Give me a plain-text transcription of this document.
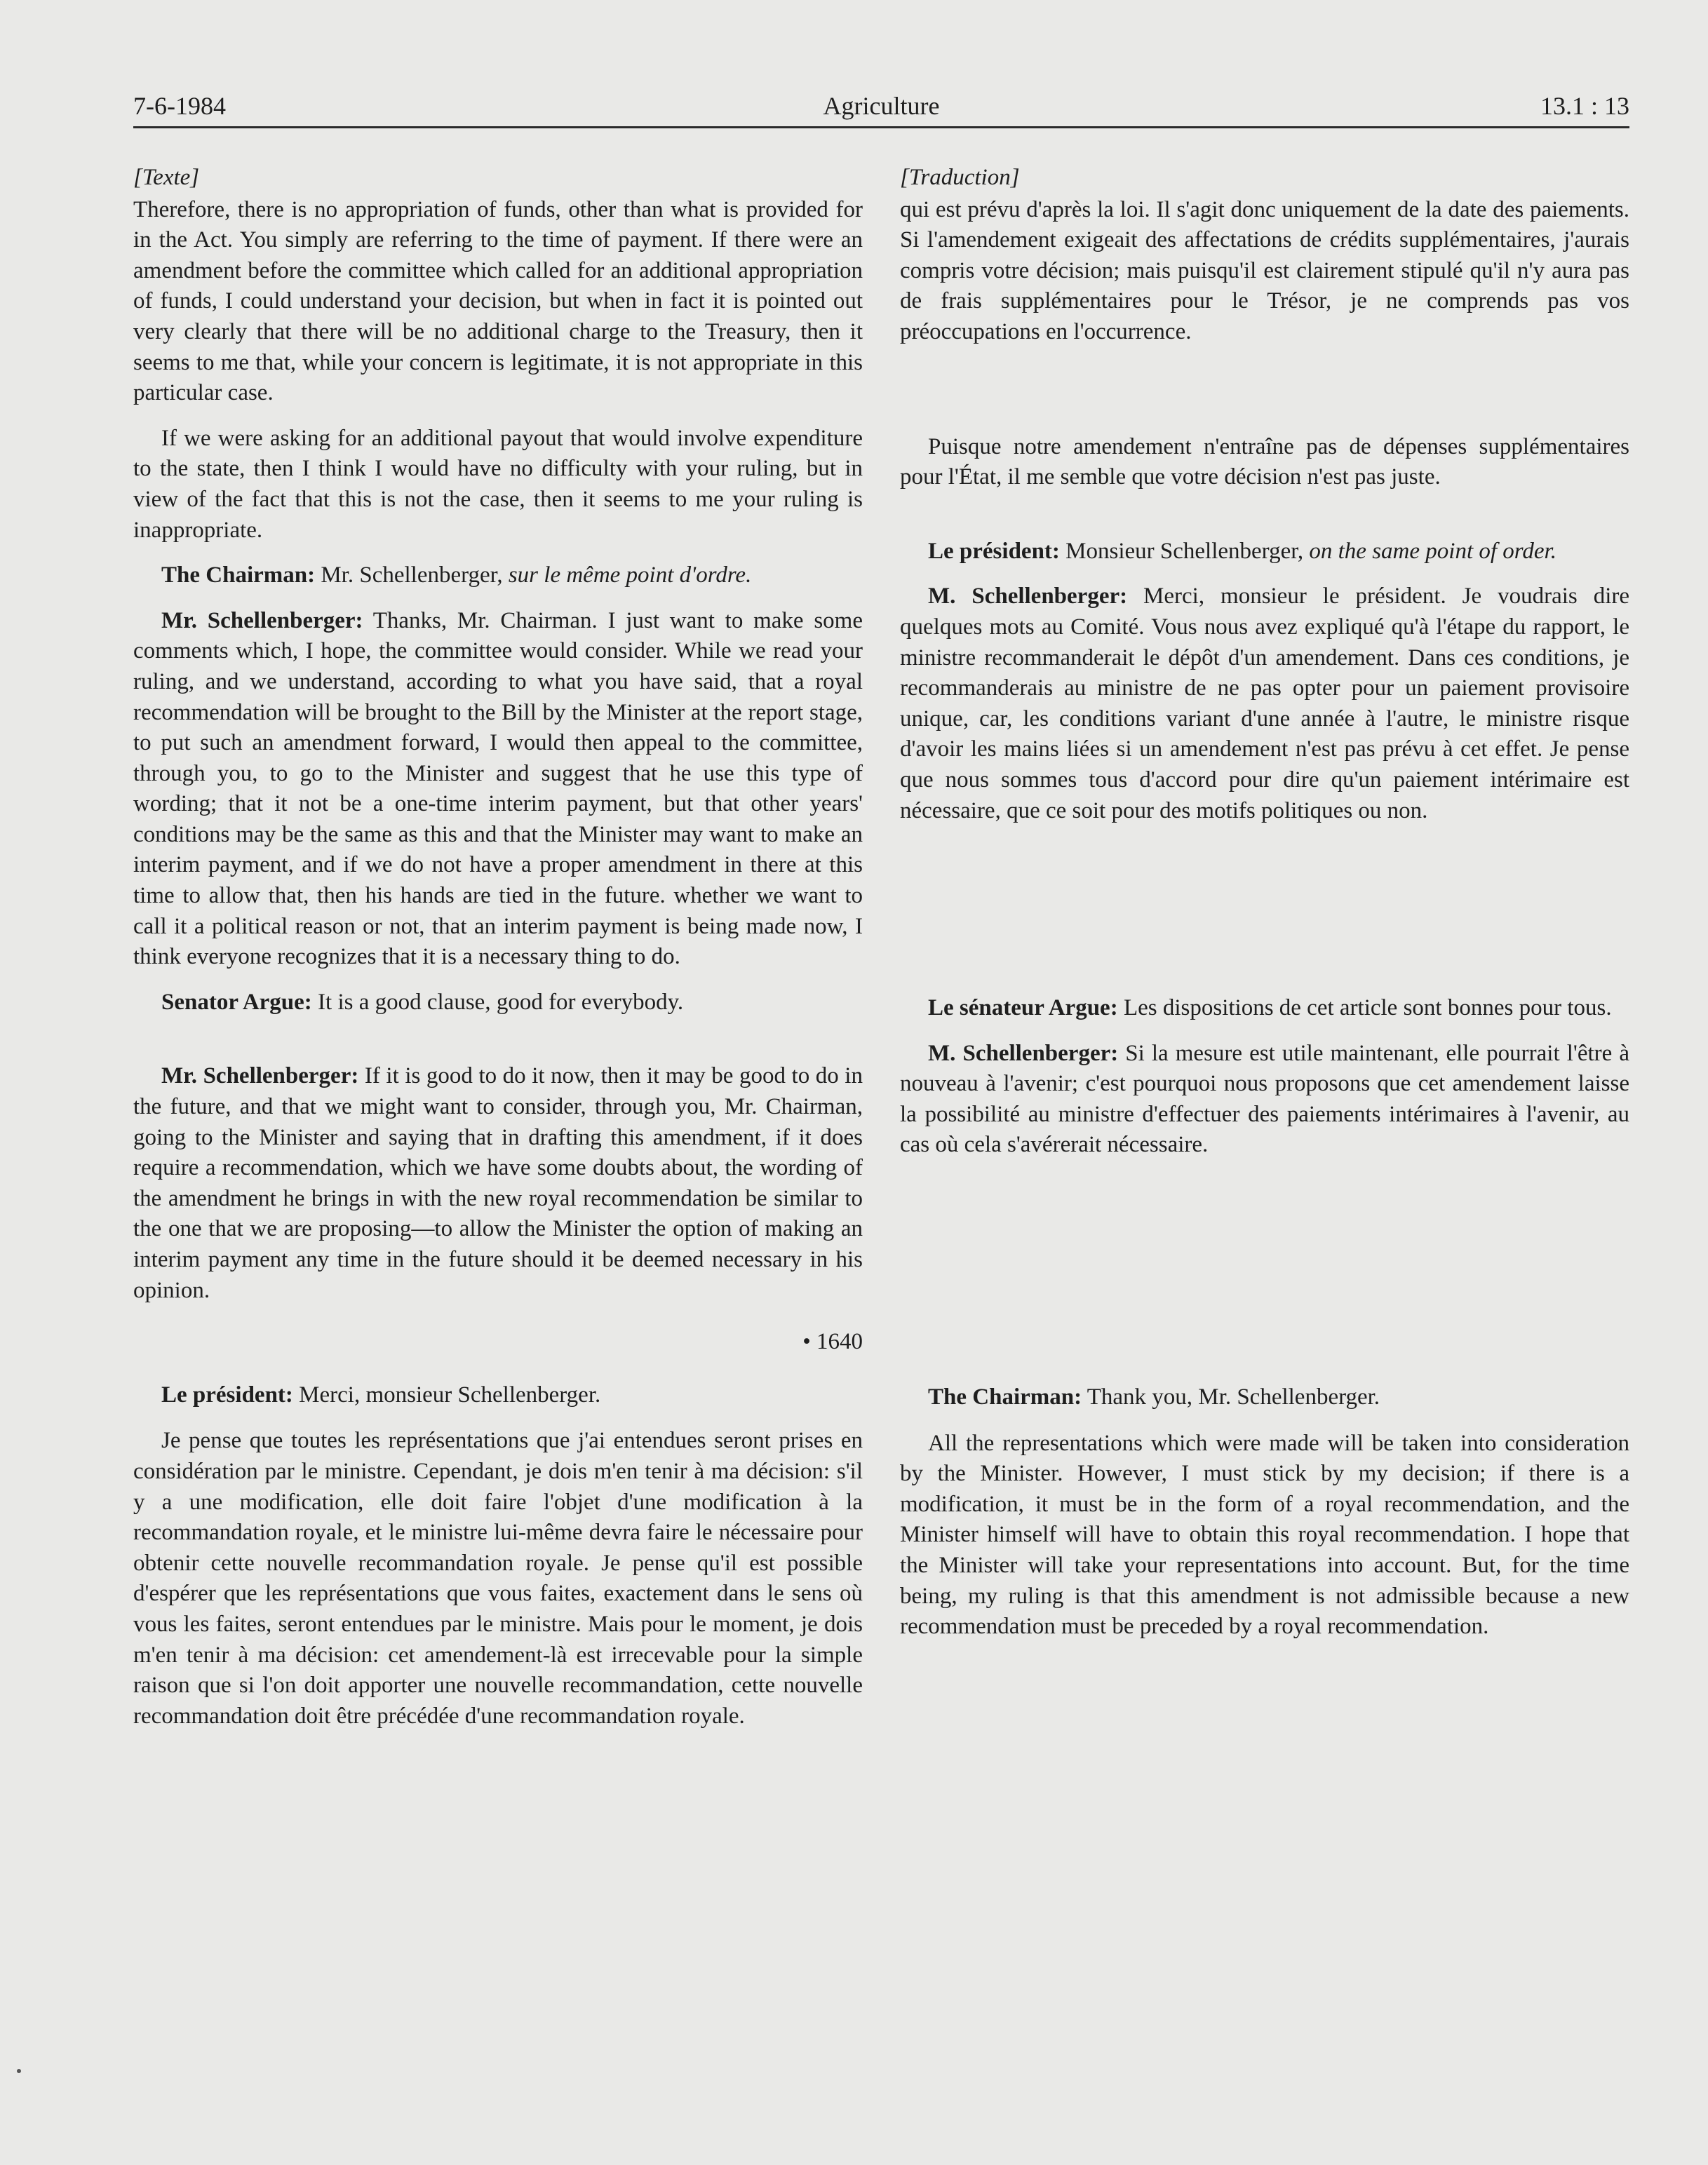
7-6-1984	Agriculture	13.1 : 13

[Texte]

Therefore, there is no appropriation of funds, other than what is provided for in the Act. You simply are referring to the time of payment. If there were an amendment before the committee which called for an additional appropriation of funds, I could understand your decision, but when in fact it is pointed out very clearly that there will be no additional charge to the Treasury, then it seems to me that, while your concern is legitimate, it is not appropriate in this particular case.

If we were asking for an additional payout that would involve expenditure to the state, then I think I would have no difficulty with your ruling, but in view of the fact that this is not the case, then it seems to me your ruling is inappropriate.

The Chairman: Mr. Schellenberger, sur le même point d'ordre.

Mr. Schellenberger: Thanks, Mr. Chairman. I just want to make some comments which, I hope, the committee would consider. While we read your ruling, and we understand, according to what you have said, that a royal recommendation will be brought to the Bill by the Minister at the report stage, to put such an amendment forward, I would then appeal to the committee, through you, to go to the Minister and suggest that he use this type of wording; that it not be a one-time interim payment, but that other years' conditions may be the same as this and that the Minister may want to make an interim payment, and if we do not have a proper amendment in there at this time to allow that, then his hands are tied in the future. whether we want to call it a political reason or not, that an interim payment is being made now, I think everyone recognizes that it is a necessary thing to do.

Senator Argue: It is a good clause, good for everybody.

Mr. Schellenberger: If it is good to do it now, then it may be good to do in the future, and that we might want to consider, through you, Mr. Chairman, going to the Minister and saying that in drafting this amendment, if it does require a recommendation, which we have some doubts about, the wording of the amendment he brings in with the new royal recommendation be similar to the one that we are proposing—to allow the Minister the option of making an interim payment any time in the future should it be deemed necessary in his opinion.

• 1640

Le président: Merci, monsieur Schellenberger.

Je pense que toutes les représentations que j'ai entendues seront prises en considération par le ministre. Cependant, je dois m'en tenir à ma décision: s'il y a une modification, elle doit faire l'objet d'une modification à la recommandation royale, et le ministre lui-même devra faire le nécessaire pour obtenir cette nouvelle recommandation royale. Je pense qu'il est possible d'espérer que les représentations que vous faites, exactement dans le sens où vous les faites, seront entendues par le ministre. Mais pour le moment, je dois m'en tenir à ma décision: cet amendement-là est irrecevable pour la simple raison que si l'on doit apporter une nouvelle recommandation, cette nouvelle recommandation doit être précédée d'une recommandation royale.

[Traduction]

qui est prévu d'après la loi. Il s'agit donc uniquement de la date des paiements. Si l'amendement exigeait des affectations de crédits supplémentaires, j'aurais compris votre décision; mais puisqu'il est clairement stipulé qu'il n'y aura pas de frais supplémentaires pour le Trésor, je ne comprends pas vos préoccupations en l'occurrence.

Puisque notre amendement n'entraîne pas de dépenses supplémentaires pour l'État, il me semble que votre décision n'est pas juste.

Le président: Monsieur Schellenberger, on the same point of order.

M. Schellenberger: Merci, monsieur le président. Je voudrais dire quelques mots au Comité. Vous nous avez expliqué qu'à l'étape du rapport, le ministre recommanderait le dépôt d'un amendement. Dans ces conditions, je recommanderais au ministre de ne pas opter pour un paiement provisoire unique, car, les conditions variant d'une année à l'autre, le ministre risque d'avoir les mains liées si un amendement n'est pas prévu à cet effet. Je pense que nous sommes tous d'accord pour dire qu'un paiement intérimaire est nécessaire, que ce soit pour des motifs politiques ou non.

Le sénateur Argue: Les dispositions de cet article sont bonnes pour tous.

M. Schellenberger: Si la mesure est utile maintenant, elle pourrait l'être à nouveau à l'avenir; c'est pourquoi nous proposons que cet amendement laisse la possibilité au ministre d'effectuer des paiements intérimaires à l'avenir, au cas où cela s'avérerait nécessaire.

The Chairman: Thank you, Mr. Schellenberger.

All the representations which were made will be taken into consideration by the Minister. However, I must stick by my decision; if there is a modification, it must be in the form of a royal recommendation, and the Minister himself will have to obtain this royal recommendation. I hope that the Minister will take your representations into account. But, for the time being, my ruling is that this amendment is not admissible because a new recommendation must be preceded by a royal recommendation.
